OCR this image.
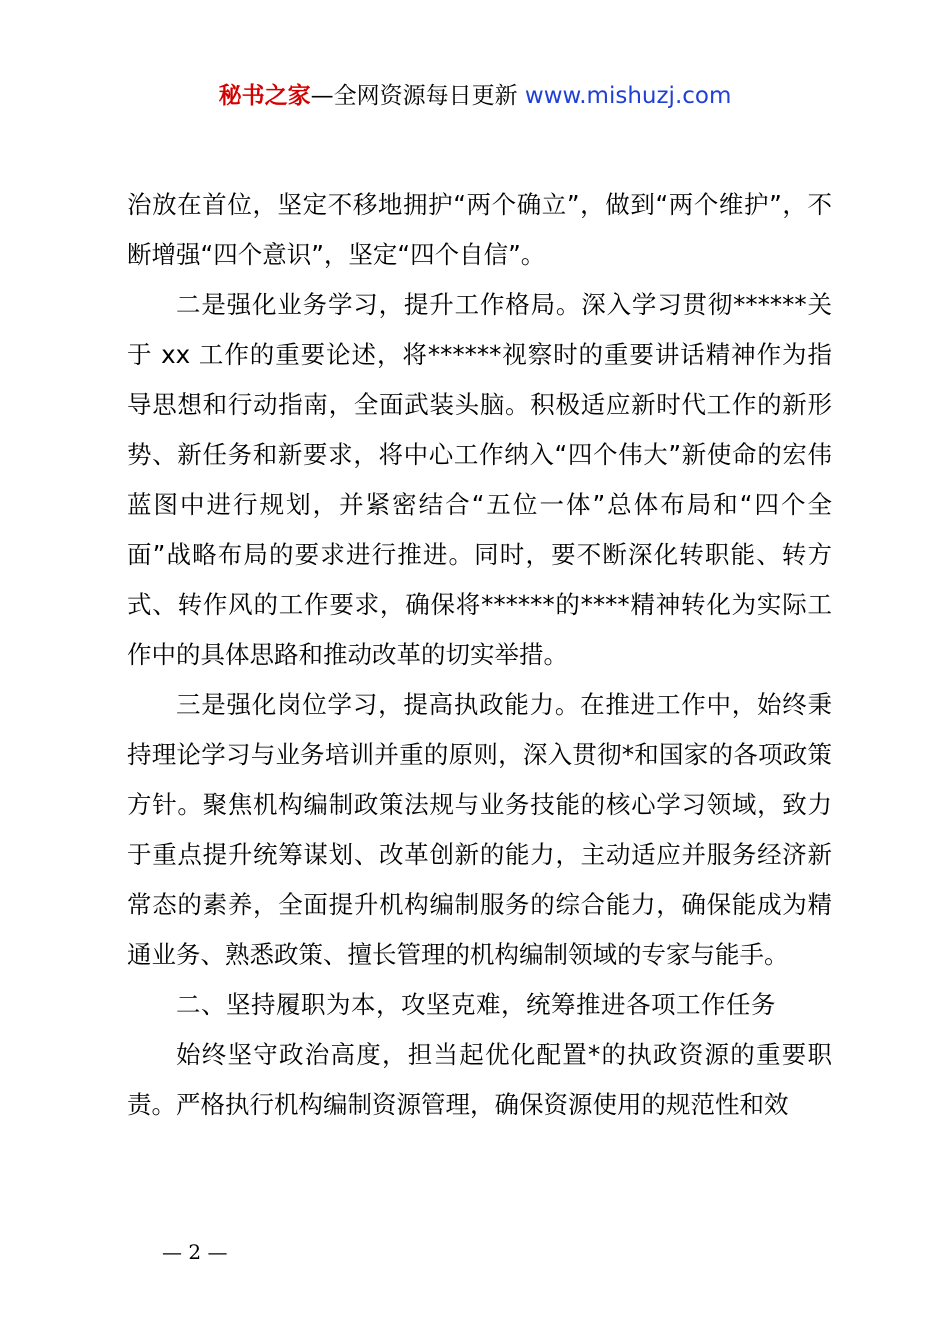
秘书之家—全网资源每日更新 www.mishuzj.com

治放在首位，坚定不移地拥护“两个确立”，做到“两个维护”，不断增强“四个意识”，坚定“四个自信”。

二是强化业务学习，提升工作格局。深入学习贯彻******关于 xx 工作的重要论述，将******视察时的重要讲话精神作为指导思想和行动指南，全面武装头脑。积极适应新时代工作的新形势、新任务和新要求，将中心工作纳入“四个伟大”新使命的宏伟蓝图中进行规划，并紧密结合“五位一体”总体布局和“四个全面”战略布局的要求进行推进。同时，要不断深化转职能、转方式、转作风的工作要求，确保将******的****精神转化为实际工作中的具体思路和推动改革的切实举措。

三是强化岗位学习，提高执政能力。在推进工作中，始终秉持理论学习与业务培训并重的原则，深入贯彻*和国家的各项政策方针。聚焦机构编制政策法规与业务技能的核心学习领域，致力于重点提升统筹谋划、改革创新的能力，主动适应并服务经济新常态的素养，全面提升机构编制服务的综合能力，确保能成为精通业务、熟悉政策、擅长管理的机构编制领域的专家与能手。

二、坚持履职为本，攻坚克难，统筹推进各项工作任务

始终坚守政治高度，担当起优化配置*的执政资源的重要职责。严格执行机构编制资源管理，确保资源使用的规范性和效

— 2 —
